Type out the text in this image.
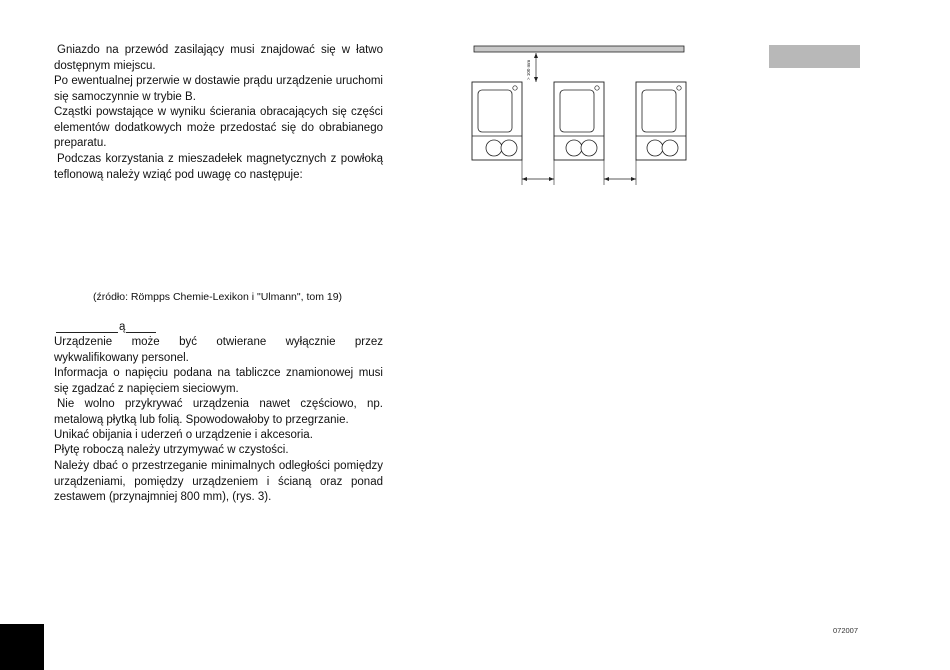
Gniazdo na przewód zasilający musi znajdować się w łatwo dostępnym miejscu.
Po ewentualnej przerwie w dostawie prądu urządzenie uruchomi się samoczynnie w trybie B.
Cząstki powstające w wyniku ścierania obracających się części elementów dodatkowych może przedostać się do obrabianego preparatu.
Podczas korzystania z mieszadełek magnetycznych z powłoką teflonową należy wziąć pod uwagę co następuje:
(źródło: Römpps Chemie-Lexikon i "Ulmann", tom 19)
ą
Urządzenie może być otwierane wyłącznie przez wykwalifikowany personel.
Informacja o napięciu podana na tabliczce znamionowej musi się zgadzać z napięciem sieciowym.
Nie wolno przykrywać urządzenia nawet częściowo, np. metalową płytką lub folią. Spowodowałoby to przegrzanie.
Unikać obijania i uderzeń o urządzenie i akcesoria.
Płytę roboczą należy utrzymywać w czystości.
Należy dbać o przestrzeganie minimalnych odległości pomiędzy urządzeniami, pomiędzy urządzeniem i ścianą oraz ponad zestawem (przynajmniej 800 mm), (rys. 3).
> 100 mm
072007
